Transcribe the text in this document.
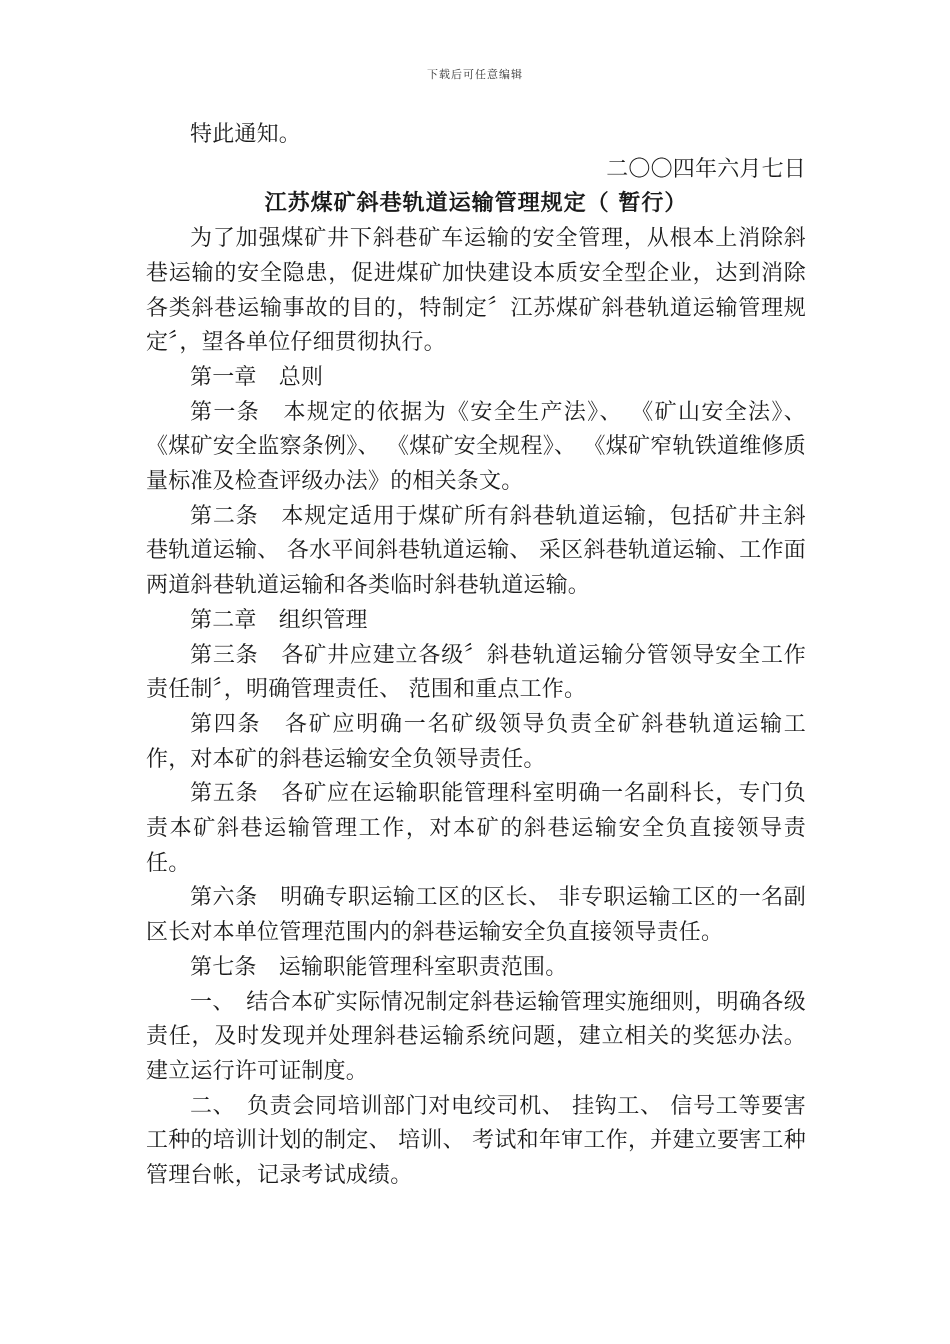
下载后可任意编辑

特此通知。

二〇〇四年六月七日

江苏煤矿斜巷轨道运输管理规定（ 暂行）

为了加强煤矿井下斜巷矿车运输的安全管理，从根本上消除斜巷运输的安全隐患，促进煤矿加快建设本质安全型企业，达到消除各类斜巷运输事故的目的，特制定〞江苏煤矿斜巷轨道运输管理规定〞，望各单位仔细贯彻执行。

第一章　总则

第一条　本规定的依据为《安全生产法》、 《矿山安全法》、《煤矿安全监察条例》、 《煤矿安全规程》、 《煤矿窄轨铁道维修质量标准及检查评级办法》的相关条文。

第二条　本规定适用于煤矿所有斜巷轨道运输，包括矿井主斜巷轨道运输、 各水平间斜巷轨道运输、 采区斜巷轨道运输、工作面两道斜巷轨道运输和各类临时斜巷轨道运输。

第二章　组织管理

第三条　各矿井应建立各级〞斜巷轨道运输分管领导安全工作责任制〞，明确管理责任、 范围和重点工作。

第四条　各矿应明确一名矿级领导负责全矿斜巷轨道运输工作，对本矿的斜巷运输安全负领导责任。

第五条　各矿应在运输职能管理科室明确一名副科长，专门负责本矿斜巷运输管理工作，对本矿的斜巷运输安全负直接领导责任。

第六条　明确专职运输工区的区长、 非专职运输工区的一名副区长对本单位管理范围内的斜巷运输安全负直接领导责任。

第七条　运输职能管理科室职责范围。

一、　结合本矿实际情况制定斜巷运输管理实施细则，明确各级责任，及时发现并处理斜巷运输系统问题，建立相关的奖惩办法。建立运行许可证制度。

二、　负责会同培训部门对电绞司机、 挂钩工、 信号工等要害工种的培训计划的制定、 培训、 考试和年审工作，并建立要害工种管理台帐，记录考试成绩。
